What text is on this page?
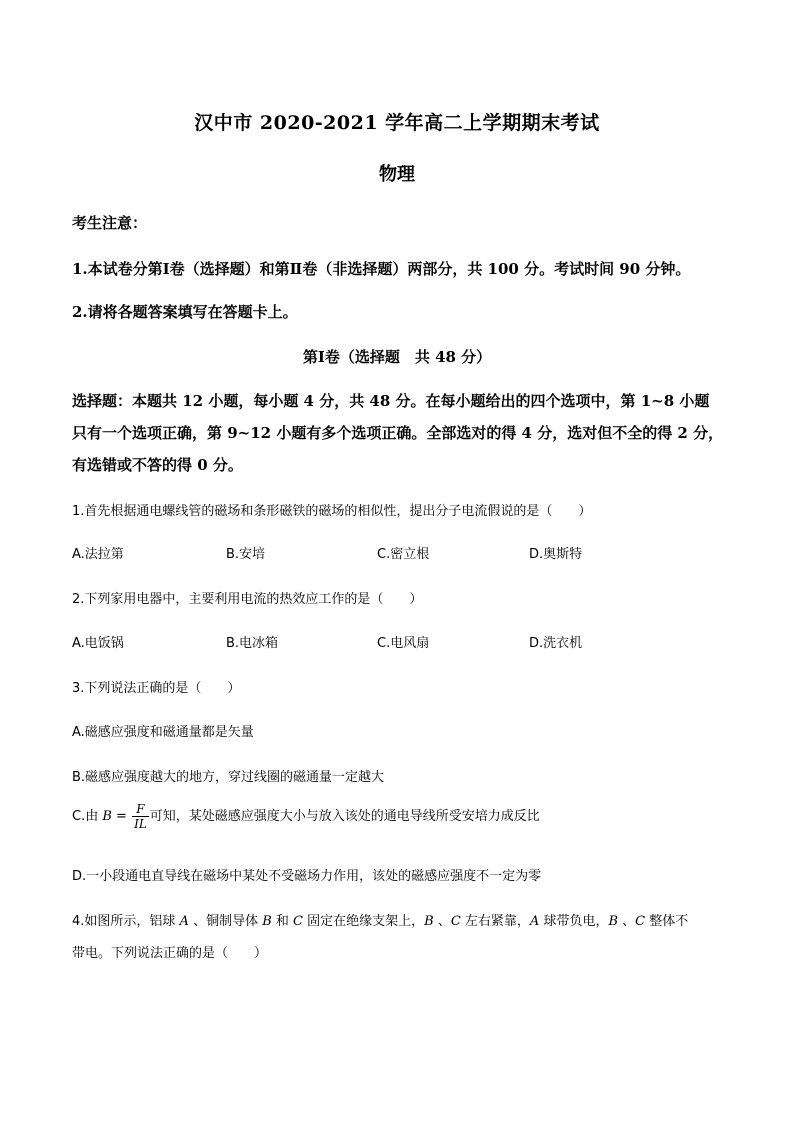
汉中市 2020-2021 学年高二上学期期末考试
物理
考生注意：
1.本试卷分第Ⅰ卷（选择题）和第Ⅱ卷（非选择题）两部分，共 100 分。考试时间 90 分钟。
2.请将各题答案填写在答题卡上。
第Ⅰ卷（选择题　共 48 分）
选择题：本题共 12 小题，每小题 4 分，共 48 分。在每小题给出的四个选项中，第 1~8 小题
只有一个选项正确，第 9~12 小题有多个选项正确。全部选对的得 4 分，选对但不全的得 2 分，
有选错或不答的得 0 分。
1.首先根据通电螺线管的磁场和条形磁铁的磁场的相似性，提出分子电流假说的是（　　）
A.法拉第	B.安培	C.密立根	D.奥斯特
2.下列家用电器中，主要利用电流的热效应工作的是（　　）
A.电饭锅	B.电冰箱	C.电风扇	D.洗衣机
3.下列说法正确的是（　　）
A.磁感应强度和磁通量都是矢量
B.磁感应强度越大的地方，穿过线圈的磁通量一定越大
C.由 $B = \frac{F}{IL}$ 可知，某处磁感应强度大小与放入该处的通电导线所受安培力成反比
D.一小段通电直导线在磁场中某处不受磁场力作用，该处的磁感应强度不一定为零
4.如图所示，铝球 A 、铜制导体 B 和 C 固定在绝缘支架上，B 、C 左右紧靠，A 球带负电，B 、C 整体不
带电。下列说法正确的是（　　）
